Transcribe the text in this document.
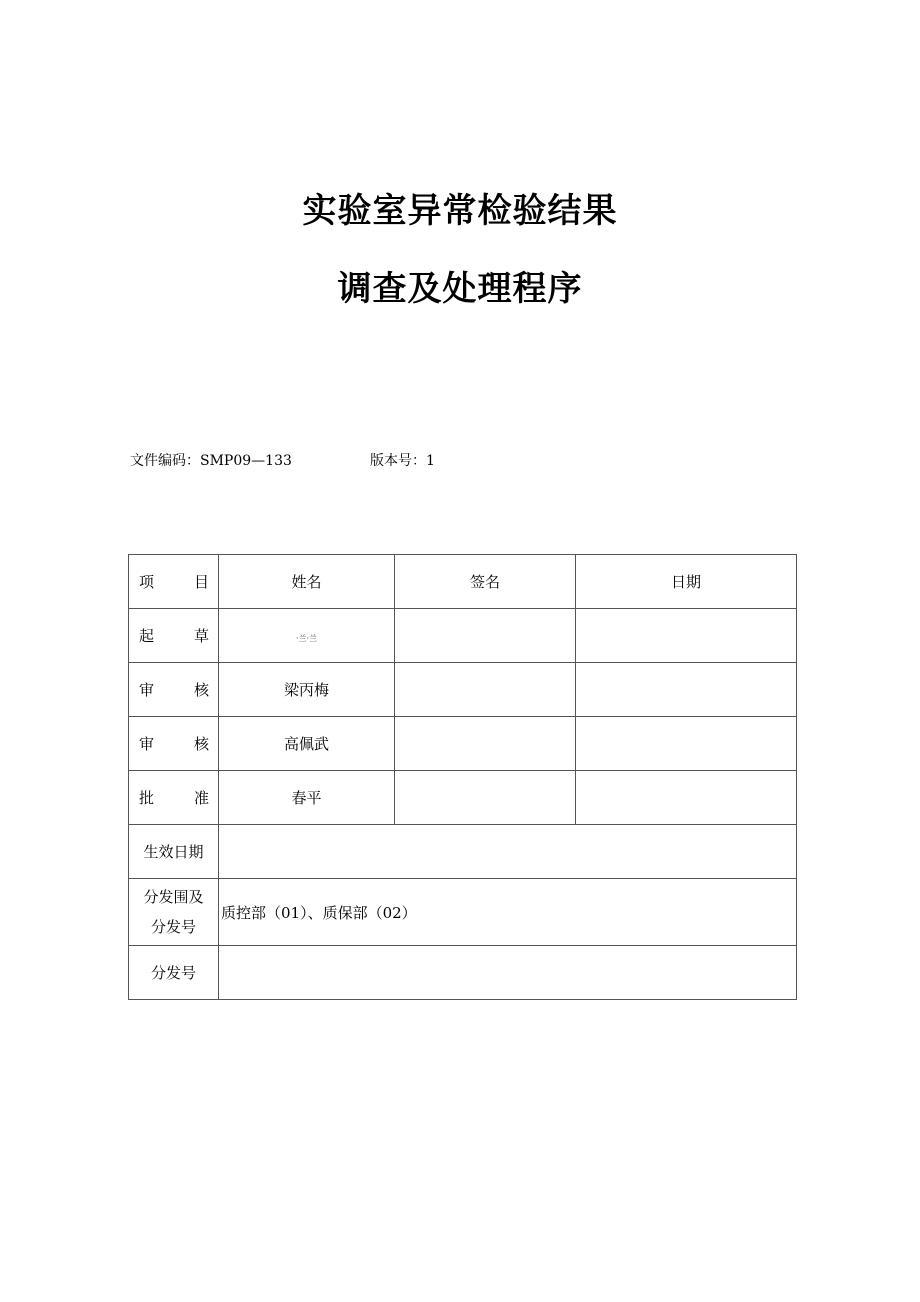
实验室异常检验结果
调查及处理程序
文件编码：SMP09—133	版本号：1
项 目	姓名	签名	日期

起 草	·兰·兰		

审 核	梁丙梅		

审 核	高佩武		

批 准	春平		
生效日期			
分发围及
分发号	质控部（01）、质保部（02）		
分发号			
